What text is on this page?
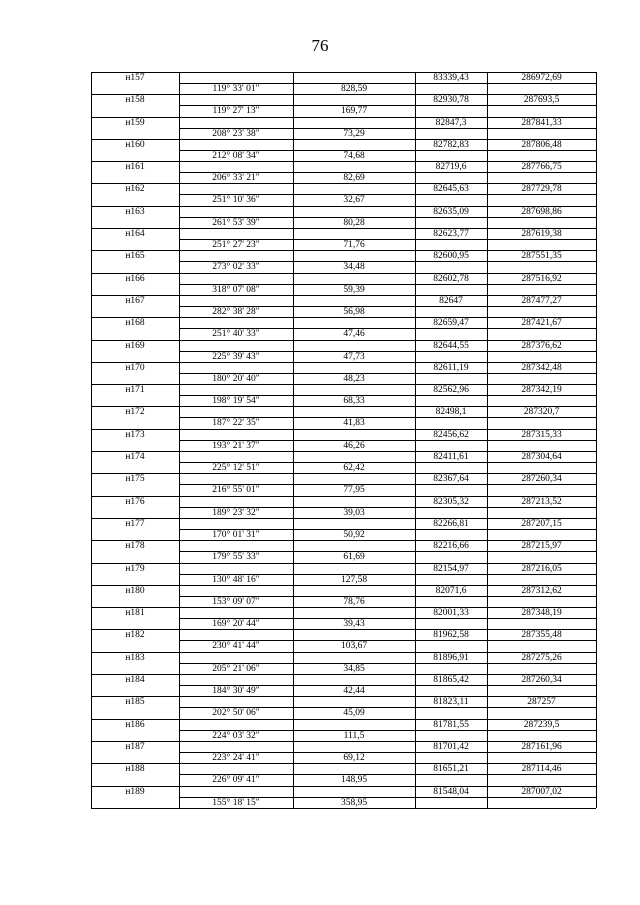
76
н157	83339,43	286972,69
119° 33' 01"	828,59
н158	82930,78	287693,5
119° 27' 13"	169,77
н159	82847,3	287841,33
208° 23' 38"	73,29
н160	82782,83	287806,48
212° 08' 34"	74,68
н161	82719,6	287766,75
206° 33' 21"	82,69
н162	82645,63	287729,78
251° 10' 36"	32,67
н163	82635,09	287698,86
261° 53' 39"	80,28
н164	82623,77	287619,38
251° 27' 23"	71,76
н165	82600,95	287551,35
273° 02' 33"	34,48
н166	82602,78	287516,92
318° 07' 08"	59,39
н167	82647	287477,27
282° 38' 28"	56,98
н168	82659,47	287421,67
251° 40' 33"	47,46
н169	82644,55	287376,62
225° 39' 43"	47,73
н170	82611,19	287342,48
180° 20' 40"	48,23
н171	82562,96	287342,19
198° 19' 54"	68,33
н172	82498,1	287320,7
187° 22' 35"	41,83
н173	82456,62	287315,33
193° 21' 37"	46,26
н174	82411,61	287304,64
225° 12' 51"	62,42
н175	82367,64	287260,34
216° 55' 01"	77,95
н176	82305,32	287213,52
189° 23' 32"	39,03
н177	82266,81	287207,15
170° 01' 31"	50,92
н178	82216,66	287215,97
179° 55' 33"	61,69
н179	82154,97	287216,05
130° 48' 16"	127,58
н180	82071,6	287312,62
153° 09' 07"	78,76
н181	82001,33	287348,19
169° 20' 44"	39,43
н182	81962,58	287355,48
230° 41' 44"	103,67
н183	81896,91	287275,26
205° 21' 06"	34,85
н184	81865,42	287260,34
184° 30' 49"	42,44
н185	81823,11	287257
202° 50' 06"	45,09
н186	81781,55	287239,5
224° 03' 32"	111,5
н187	81701,42	287161,96
223° 24' 41"	69,12
н188	81651,21	287114,46
226° 09' 41"	148,95
н189	81548,04	287007,02
155° 18' 15"	358,95
